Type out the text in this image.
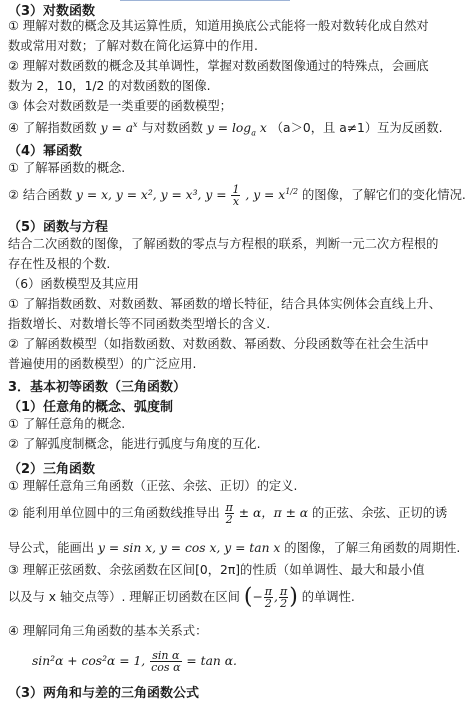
（3）对数函数
① 理解对数的概念及其运算性质，知道用换底公式能将一般对数转化成自然对
数或常用对数；了解对数在简化运算中的作用.
② 理解对数函数的概念及其单调性，掌握对数函数图像通过的特殊点，会画底
数为 2，10，1/2 的对数函数的图像.
③ 体会对数函数是一类重要的函数模型；
④ 了解指数函数 $y = a^x$ 与对数函数 $y = \log_a x$ （a＞0，且 a≠1）互为反函数.
（4）幂函数
① 了解幂函数的概念.
② 结合函数 y = x, y = x², y = x³, $y = \frac{1}{x}$ , $y = x^{1/2}$ 的图像，了解它们的变化情况.
（5）函数与方程
结合二次函数的图像，了解函数的零点与方程根的联系，判断一元二次方程根的
存在性及根的个数.
（6）函数模型及其应用
① 了解指数函数、对数函数、幂函数的增长特征，结合具体实例体会直线上升、
指数增长、对数增长等不同函数类型增长的含义.
② 了解函数模型（如指数函数、对数函数、幂函数、分段函数等在社会生活中
普遍使用的函数模型）的广泛应用.
3．基本初等函数（三角函数）
（1）任意角的概念、弧度制
① 了解任意角的概念.
② 了解弧度制概念，能进行弧度与角度的互化.
（2）三角函数
① 理解任意角三角函数（正弦、余弦、正切）的定义.
② 能利用单位圆中的三角函数线推导出 $\frac{\pi}{2} \pm \alpha$，π ± α 的正弦、余弦、正切的诱
导公式，能画出 y = sin x, y = cos x, y = tan x 的图像，了解三角函数的周期性.
③ 理解正弦函数、余弦函数在区间[0，2π]的性质（如单调性、最大和最小值
以及与 x 轴交点等）. 理解正切函数在区间 (− $\frac{\pi}{2}$ , $\frac{\pi}{2}$ ) 的单调性.
④ 理解同角三角函数的基本关系式：
sin²α + cos²α = 1, $\frac{\text{sin α}}{\text{cos α}} = \tan \alpha$.
（3）两角和与差的三角函数公式
